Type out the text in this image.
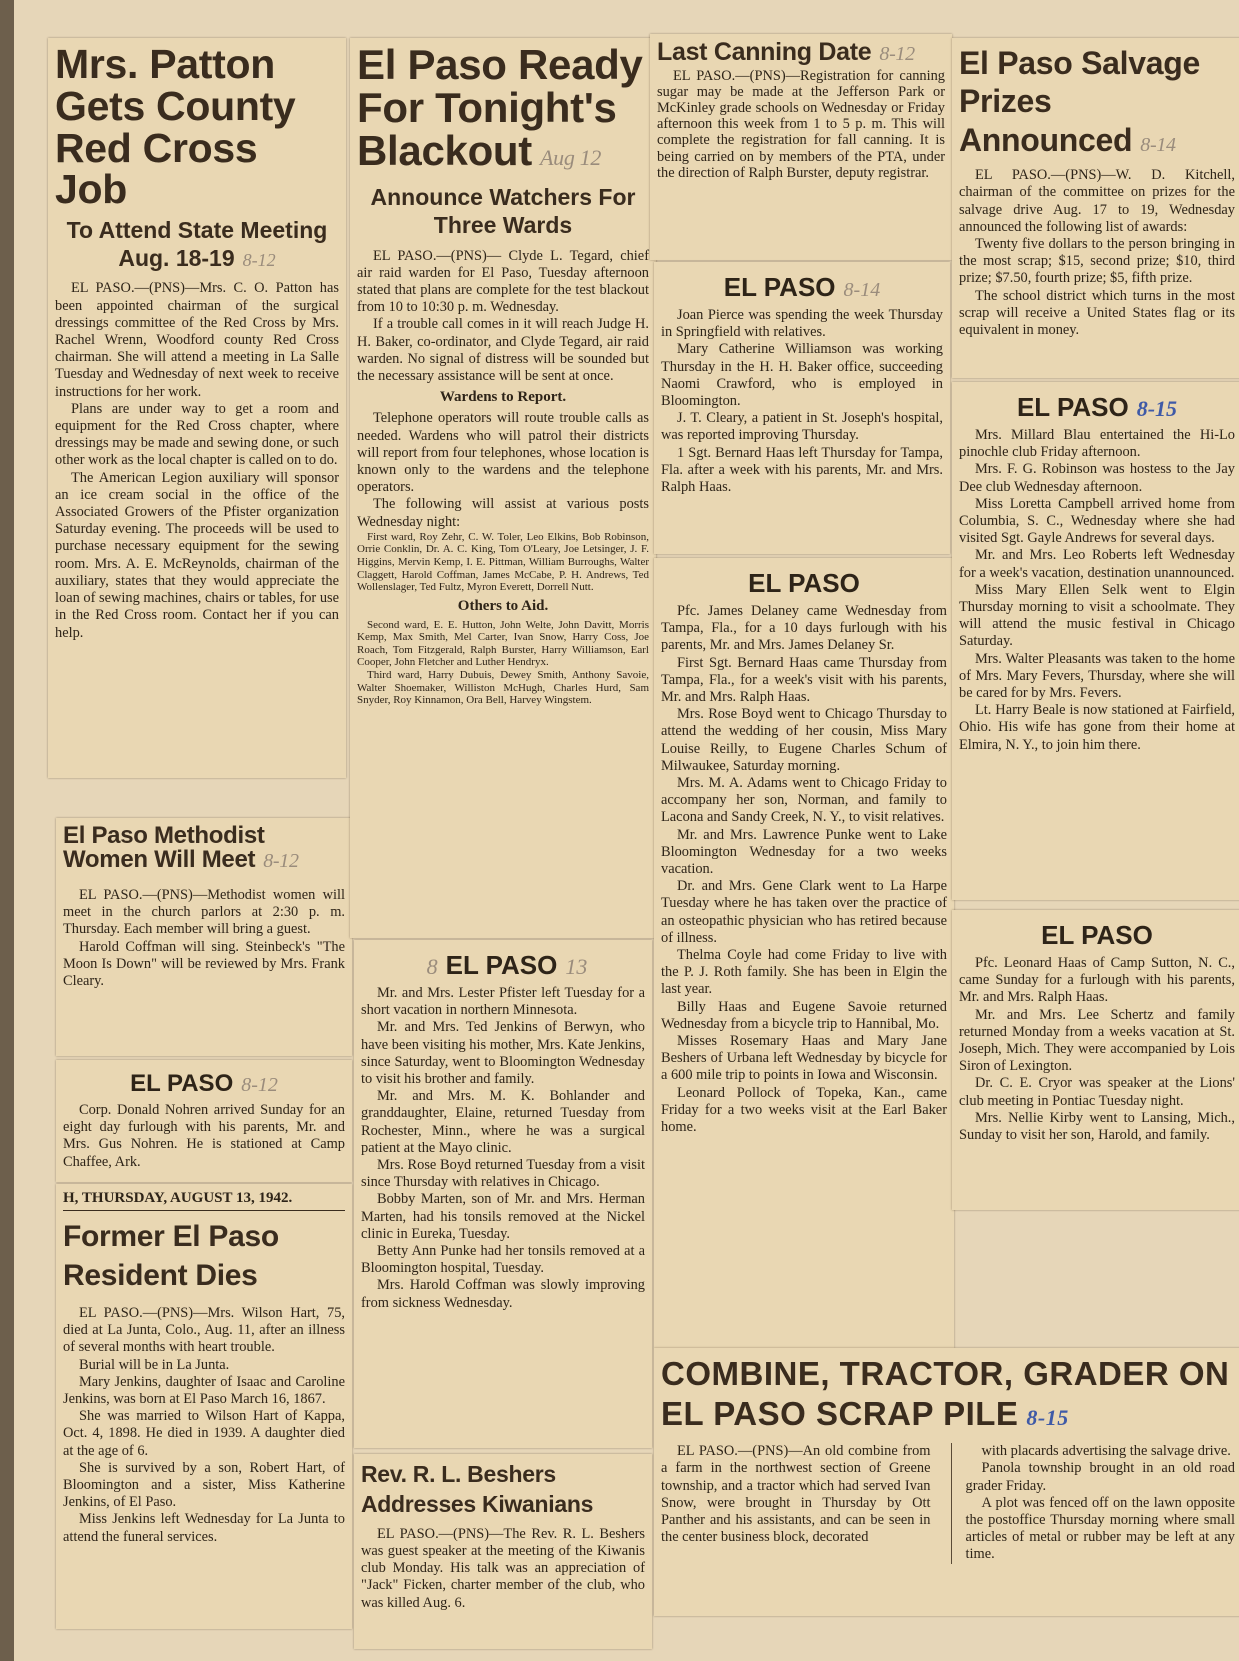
Mrs. Patton Gets County Red Cross Job
To Attend State Meeting Aug. 18-19 8-12

EL PASO.—(PNS)—Mrs. C. O. Patton has been appointed chairman of the surgical dressings committee of the Red Cross by Mrs. Rachel Wrenn, Woodford county Red Cross chairman. She will attend a meeting in La Salle Tuesday and Wednesday of next week to receive instructions for her work.

Plans are under way to get a room and equipment for the Red Cross chapter, where dressings may be made and sewing done, or such other work as the local chapter is called on to do.

The American Legion auxiliary will sponsor an ice cream social in the office of the Associated Growers of the Pfister organization Saturday evening. The proceeds will be used to purchase necessary equipment for the sewing room. Mrs. A. E. McReynolds, chairman of the auxiliary, states that they would appreciate the loan of sewing machines, chairs or tables, for use in the Red Cross room. Contact her if you can help.

El Paso Methodist Women Will Meet 8-12

EL PASO.—(PNS)—Methodist women will meet in the church parlors at 2:30 p. m. Thursday. Each member will bring a guest.

Harold Coffman will sing. Steinbeck's "The Moon Is Down" will be reviewed by Mrs. Frank Cleary.

EL PASO 8-12

Corp. Donald Nohren arrived Sunday for an eight day furlough with his parents, Mr. and Mrs. Gus Nohren. He is stationed at Camp Chaffee, Ark.

H, THURSDAY, AUGUST 13, 1942.
Former El Paso Resident Dies

EL PASO.—(PNS)—Mrs. Wilson Hart, 75, died at La Junta, Colo., Aug. 11, after an illness of several months with heart trouble.

Burial will be in La Junta.

Mary Jenkins, daughter of Isaac and Caroline Jenkins, was born at El Paso March 16, 1867.

She was married to Wilson Hart of Kappa, Oct. 4, 1898. He died in 1939. A daughter died at the age of 6.

She is survived by a son, Robert Hart, of Bloomington and a sister, Miss Katherine Jenkins, of El Paso.

Miss Jenkins left Wednesday for La Junta to attend the funeral services.

El Paso Ready For Tonight's Blackout Aug 12
Announce Watchers For Three Wards

EL PASO.—(PNS)— Clyde L. Tegard, chief air raid warden for El Paso, Tuesday afternoon stated that plans are complete for the test blackout from 10 to 10:30 p. m. Wednesday.

If a trouble call comes in it will reach Judge H. H. Baker, co-ordinator, and Clyde Tegard, air raid warden. No signal of distress will be sounded but the necessary assistance will be sent at once.

Wardens to Report.

Telephone operators will route trouble calls as needed. Wardens who will patrol their districts will report from four telephones, whose location is known only to the wardens and the telephone operators.

The following will assist at various posts Wednesday night:

First ward, Roy Zehr, C. W. Toler, Leo Elkins, Bob Robinson, Orrie Conklin, Dr. A. C. King, Tom O'Leary, Joe Letsinger, J. F. Higgins, Mervin Kemp, I. E. Pittman, William Burroughs, Walter Claggett, Harold Coffman, James McCabe, P. H. Andrews, Ted Wollenslager, Ted Fultz, Myron Everett, Dorrell Nutt.

Others to Aid.

Second ward, E. E. Hutton, John Welte, John Davitt, Morris Kemp, Max Smith, Mel Carter, Ivan Snow, Harry Coss, Joe Roach, Tom Fitzgerald, Ralph Burster, Harry Williamson, Earl Cooper, John Fletcher and Luther Hendryx.

Third ward, Harry Dubuis, Dewey Smith, Anthony Savoie, Walter Shoemaker, Williston McHugh, Charles Hurd, Sam Snyder, Roy Kinnamon, Ora Bell, Harvey Wingstem.

8 EL PASO 13

Mr. and Mrs. Lester Pfister left Tuesday for a short vacation in northern Minnesota.

Mr. and Mrs. Ted Jenkins of Berwyn, who have been visiting his mother, Mrs. Kate Jenkins, since Saturday, went to Bloomington Wednesday to visit his brother and family.

Mr. and Mrs. M. K. Bohlander and granddaughter, Elaine, returned Tuesday from Rochester, Minn., where he was a surgical patient at the Mayo clinic.

Mrs. Rose Boyd returned Tuesday from a visit since Thursday with relatives in Chicago.

Bobby Marten, son of Mr. and Mrs. Herman Marten, had his tonsils removed at the Nickel clinic in Eureka, Tuesday.

Betty Ann Punke had her tonsils removed at a Bloomington hospital, Tuesday.

Mrs. Harold Coffman was slowly improving from sickness Wednesday.

Rev. R. L. Beshers Addresses Kiwanians

EL PASO.—(PNS)—The Rev. R. L. Beshers was guest speaker at the meeting of the Kiwanis club Monday. His talk was an appreciation of "Jack" Ficken, charter member of the club, who was killed Aug. 6.

Last Canning Date 8-12

EL PASO.—(PNS)—Registration for canning sugar may be made at the Jefferson Park or McKinley grade schools on Wednesday or Friday afternoon this week from 1 to 5 p. m. This will complete the registration for fall canning. It is being carried on by members of the PTA, under the direction of Ralph Burster, deputy registrar.

EL PASO 8-14

Joan Pierce was spending the week Thursday in Springfield with relatives.

Mary Catherine Williamson was working Thursday in the H. H. Baker office, succeeding Naomi Crawford, who is employed in Bloomington.

J. T. Cleary, a patient in St. Joseph's hospital, was reported improving Thursday.

1 Sgt. Bernard Haas left Thursday for Tampa, Fla. after a week with his parents, Mr. and Mrs. Ralph Haas.

EL PASO

Pfc. James Delaney came Wednesday from Tampa, Fla., for a 10 days furlough with his parents, Mr. and Mrs. James Delaney Sr.

First Sgt. Bernard Haas came Thursday from Tampa, Fla., for a week's visit with his parents, Mr. and Mrs. Ralph Haas.

Mrs. Rose Boyd went to Chicago Thursday to attend the wedding of her cousin, Miss Mary Louise Reilly, to Eugene Charles Schum of Milwaukee, Saturday morning.

Mrs. M. A. Adams went to Chicago Friday to accompany her son, Norman, and family to Lacona and Sandy Creek, N. Y., to visit relatives.

Mr. and Mrs. Lawrence Punke went to Lake Bloomington Wednesday for a two weeks vacation.

Dr. and Mrs. Gene Clark went to La Harpe Tuesday where he has taken over the practice of an osteopathic physician who has retired because of illness.

Thelma Coyle had come Friday to live with the P. J. Roth family. She has been in Elgin the last year.

Billy Haas and Eugene Savoie returned Wednesday from a bicycle trip to Hannibal, Mo.

Misses Rosemary Haas and Mary Jane Beshers of Urbana left Wednesday by bicycle for a 600 mile trip to points in Iowa and Wisconsin.

Leonard Pollock of Topeka, Kan., came Friday for a two weeks visit at the Earl Baker home.

El Paso Salvage Prizes Announced 8-14

EL PASO.—(PNS)—W. D. Kitchell, chairman of the committee on prizes for the salvage drive Aug. 17 to 19, Wednesday announced the following list of awards:

Twenty five dollars to the person bringing in the most scrap; $15, second prize; $10, third prize; $7.50, fourth prize; $5, fifth prize.

The school district which turns in the most scrap will receive a United States flag or its equivalent in money.

EL PASO 8-15

Mrs. Millard Blau entertained the Hi-Lo pinochle club Friday afternoon.

Mrs. F. G. Robinson was hostess to the Jay Dee club Wednesday afternoon.

Miss Loretta Campbell arrived home from Columbia, S. C., Wednesday where she had visited Sgt. Gayle Andrews for several days.

Mr. and Mrs. Leo Roberts left Wednesday for a week's vacation, destination unannounced.

Miss Mary Ellen Selk went to Elgin Thursday morning to visit a schoolmate. They will attend the music festival in Chicago Saturday.

Mrs. Walter Pleasants was taken to the home of Mrs. Mary Fevers, Thursday, where she will be cared for by Mrs. Fevers.

Lt. Harry Beale is now stationed at Fairfield, Ohio. His wife has gone from their home at Elmira, N. Y., to join him there.

EL PASO

Pfc. Leonard Haas of Camp Sutton, N. C., came Sunday for a furlough with his parents, Mr. and Mrs. Ralph Haas.

Mr. and Mrs. Lee Schertz and family returned Monday from a weeks vacation at St. Joseph, Mich. They were accompanied by Lois Siron of Lexington.

Dr. C. E. Cryor was speaker at the Lions' club meeting in Pontiac Tuesday night.

Mrs. Nellie Kirby went to Lansing, Mich., Sunday to visit her son, Harold, and family.

COMBINE, TRACTOR, GRADER ON EL PASO SCRAP PILE 8-15

EL PASO.—(PNS)—An old combine from a farm in the northwest section of Greene township, and a tractor which had served Ivan Snow, were brought in Thursday by Ott Panther and his assistants, and can be seen in the center business block, decorated

with placards advertising the salvage drive.

Panola township brought in an old road grader Friday.

A plot was fenced off on the lawn opposite the postoffice Thursday morning where small articles of metal or rubber may be left at any time.
